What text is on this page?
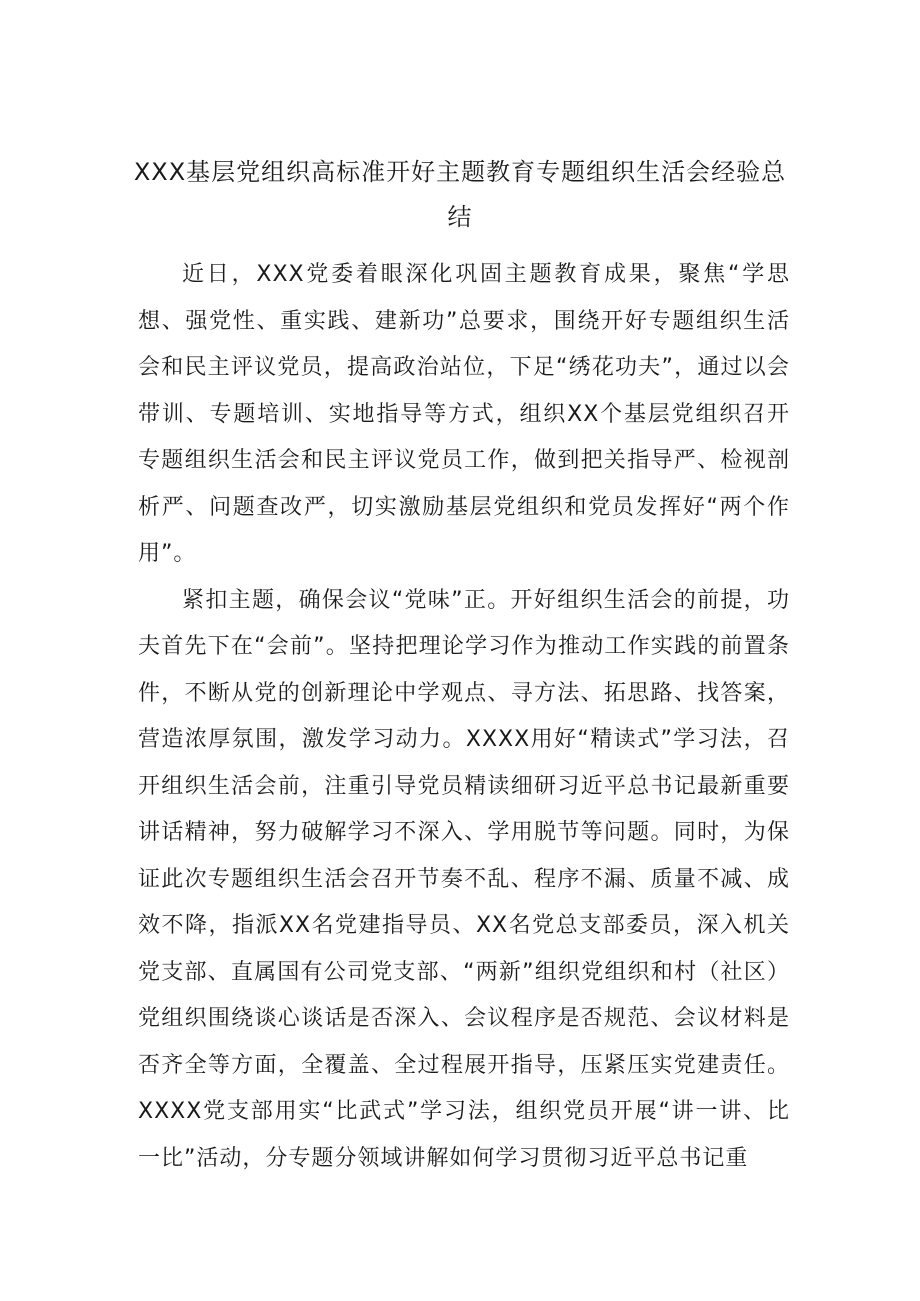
XXX基层党组织高标准开好主题教育专题组织生活会经验总结

近日，XXX党委着眼深化巩固主题教育成果，聚焦“学思想、强党性、重实践、建新功”总要求，围绕开好专题组织生活会和民主评议党员，提高政治站位，下足“绣花功夫”，通过以会带训、专题培训、实地指导等方式，组织XX个基层党组织召开专题组织生活会和民主评议党员工作，做到把关指导严、检视剖析严、问题查改严，切实激励基层党组织和党员发挥好“两个作用”。

紧扣主题，确保会议“党味”正。开好组织生活会的前提，功夫首先下在“会前”。坚持把理论学习作为推动工作实践的前置条件，不断从党的创新理论中学观点、寻方法、拓思路、找答案，营造浓厚氛围，激发学习动力。XXXX用好“精读式”学习法，召开组织生活会前，注重引导党员精读细研习近平总书记最新重要讲话精神，努力破解学习不深入、学用脱节等问题。同时，为保证此次专题组织生活会召开节奏不乱、程序不漏、质量不减、成效不降，指派XX名党建指导员、XX名党总支部委员，深入机关党支部、直属国有公司党支部、“两新”组织党组织和村（社区）党组织围绕谈心谈话是否深入、会议程序是否规范、会议材料是否齐全等方面，全覆盖、全过程展开指导，压紧压实党建责任。XXXX党支部用实“比武式”学习法，组织党员开展“讲一讲、比一比”活动，分专题分领域讲解如何学习贯彻习近平总书记重
